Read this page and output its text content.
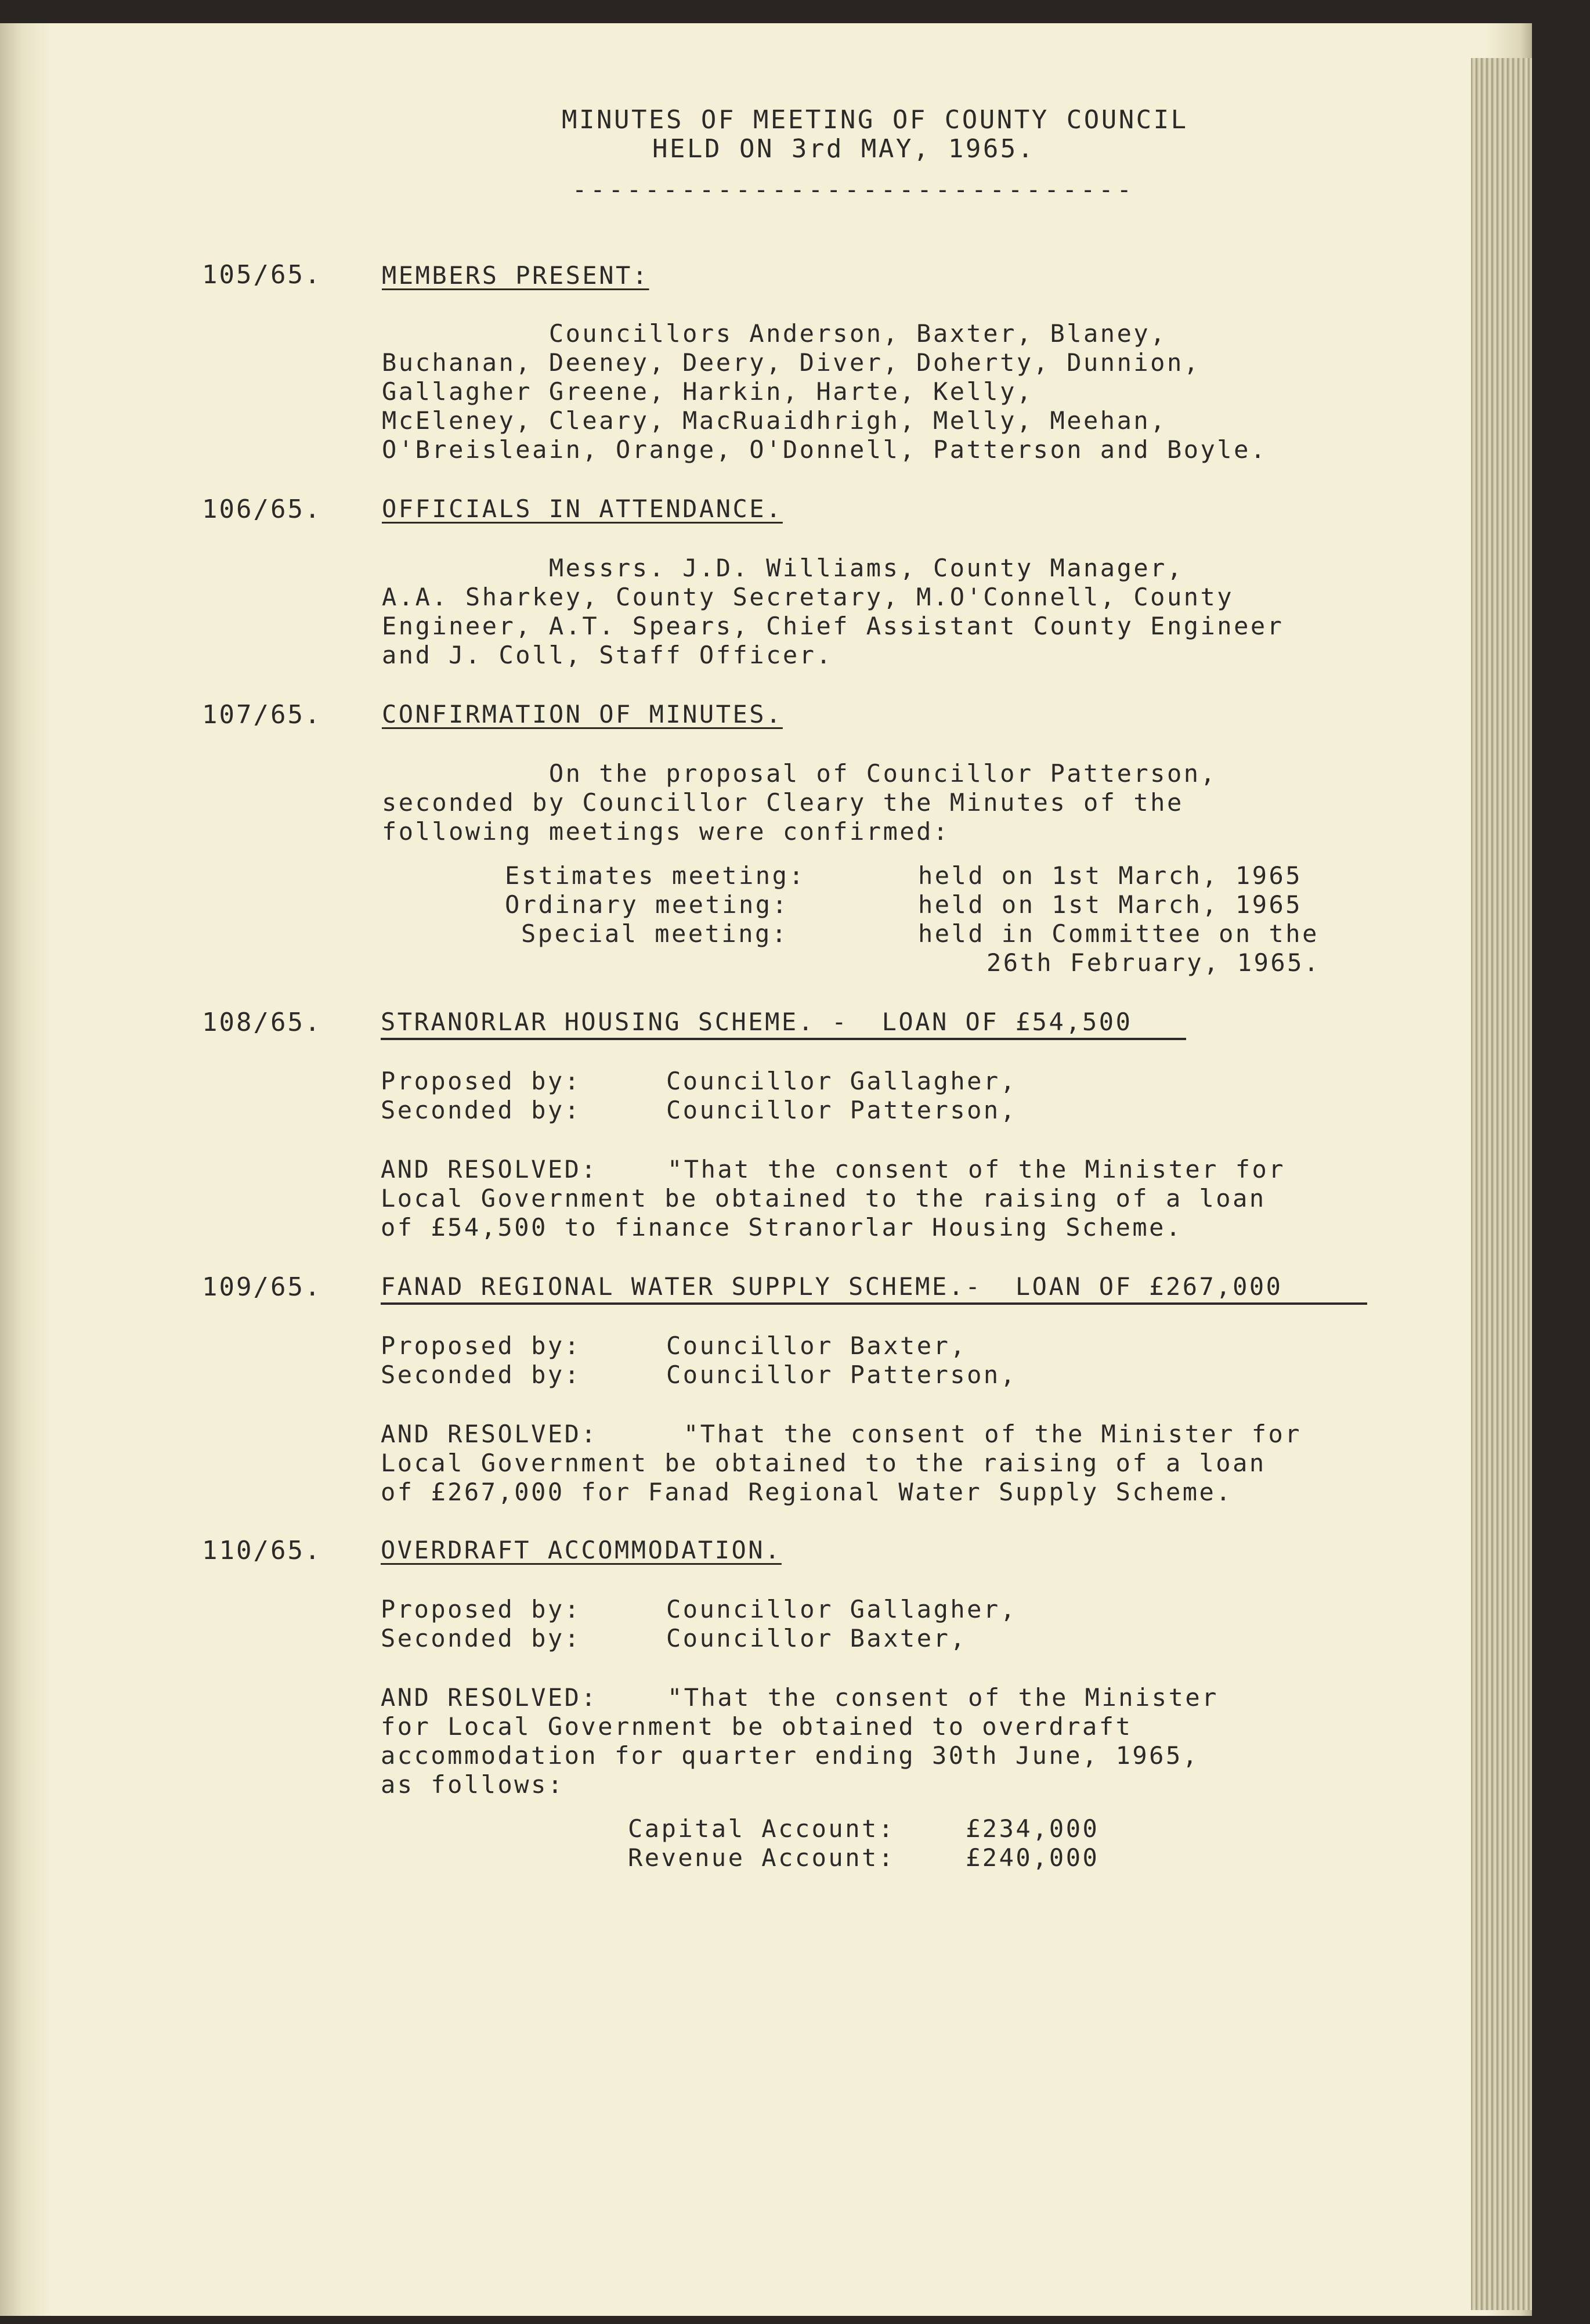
MINUTES OF MEETING OF COUNTY COUNCIL
HELD ON 3rd MAY, 1965.
-------------------------------
105/65. MEMBERS PRESENT:
Councillors Anderson, Baxter, Blaney,
Buchanan, Deeney, Deery, Diver, Doherty, Dunnion,
Gallagher Greene, Harkin, Harte, Kelly,
McEleney, Cleary, MacRuaidhrigh, Melly, Meehan,
O'Breisleain, Orange, O'Donnell, Patterson and Boyle.
106/65. OFFICIALS IN ATTENDANCE.
Messrs. J.D. Williams, County Manager,
A.A. Sharkey, County Secretary, M.O'Connell, County
Engineer, A.T. Spears, Chief Assistant County Engineer
and J. Coll, Staff Officer.
107/65. CONFIRMATION OF MINUTES.
On the proposal of Councillor Patterson,
seconded by Councillor Cleary the Minutes of the
following meetings were confirmed:
Estimates meeting:	held on 1st March, 1965
Ordinary meeting:	held on 1st March, 1965
Special meeting:	held in Committee on the
26th February, 1965.
108/65. STRANORLAR HOUSING SCHEME. -  LOAN OF £54,500
Proposed by:	Councillor Gallagher,
Seconded by:	Councillor Patterson,
AND RESOLVED:	"That the consent of the Minister for
Local Government be obtained to the raising of a loan
of £54,500 to finance Stranorlar Housing Scheme.
109/65. FANAD REGIONAL WATER SUPPLY SCHEME.-  LOAN OF £267,000
Proposed by:	Councillor Baxter,
Seconded by:	Councillor Patterson,
AND RESOLVED:	"That the consent of the Minister for
Local Government be obtained to the raising of a loan
of £267,000 for Fanad Regional Water Supply Scheme.
110/65. OVERDRAFT ACCOMMODATION.
Proposed by:	Councillor Gallagher,
Seconded by:	Councillor Baxter,
AND RESOLVED:	"That the consent of the Minister
for Local Government be obtained to overdraft
accommodation for quarter ending 30th June, 1965,
as follows:
Capital Account:	£234,000
Revenue Account:	£240,000
